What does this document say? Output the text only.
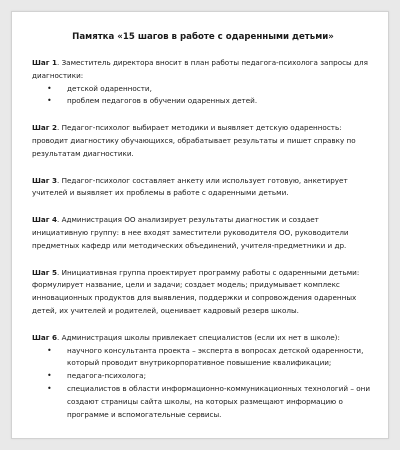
Памятка «15 шагов в работе с одаренными детьми»
Шаг 1. Заместитель директора вносит в план работы педагога-психолога запросы для диагностики:
• детской одаренности,
• проблем педагогов в обучении одаренных детей.
Шаг 2. Педагог-психолог выбирает методики и выявляет детскую одаренность: проводит диагностику обучающихся, обрабатывает результаты и пишет справку по результатам диагностики.
Шаг 3. Педагог-психолог составляет анкету или использует готовую, анкетирует учителей и выявляет их проблемы в работе с одаренными детьми.
Шаг 4. Администрация ОО анализирует результаты диагностик и создает инициативную группу: в нее входят заместители руководителя ОО, руководители предметных кафедр или методических объединений, учителя-предметники и др.
Шаг 5. Инициативная группа проектирует программу работы с одаренными детьми: формулирует название, цели и задачи; создает модель; придумывает комплекс инновационных продуктов для выявления, поддержки и сопровождения одаренных детей, их учителей и родителей, оценивает кадровый резерв школы.
Шаг 6. Администрация школы привлекает специалистов (если их нет в школе):
• научного консультанта проекта – эксперта в вопросах детской одаренности, который проводит внутрикорпоративное повышение квалификации;
• педагога-психолога;
• специалистов в области информационно-коммуникационных технологий – они создают страницы сайта школы, на которых размещают информацию о программе и вспомогательные сервисы.
